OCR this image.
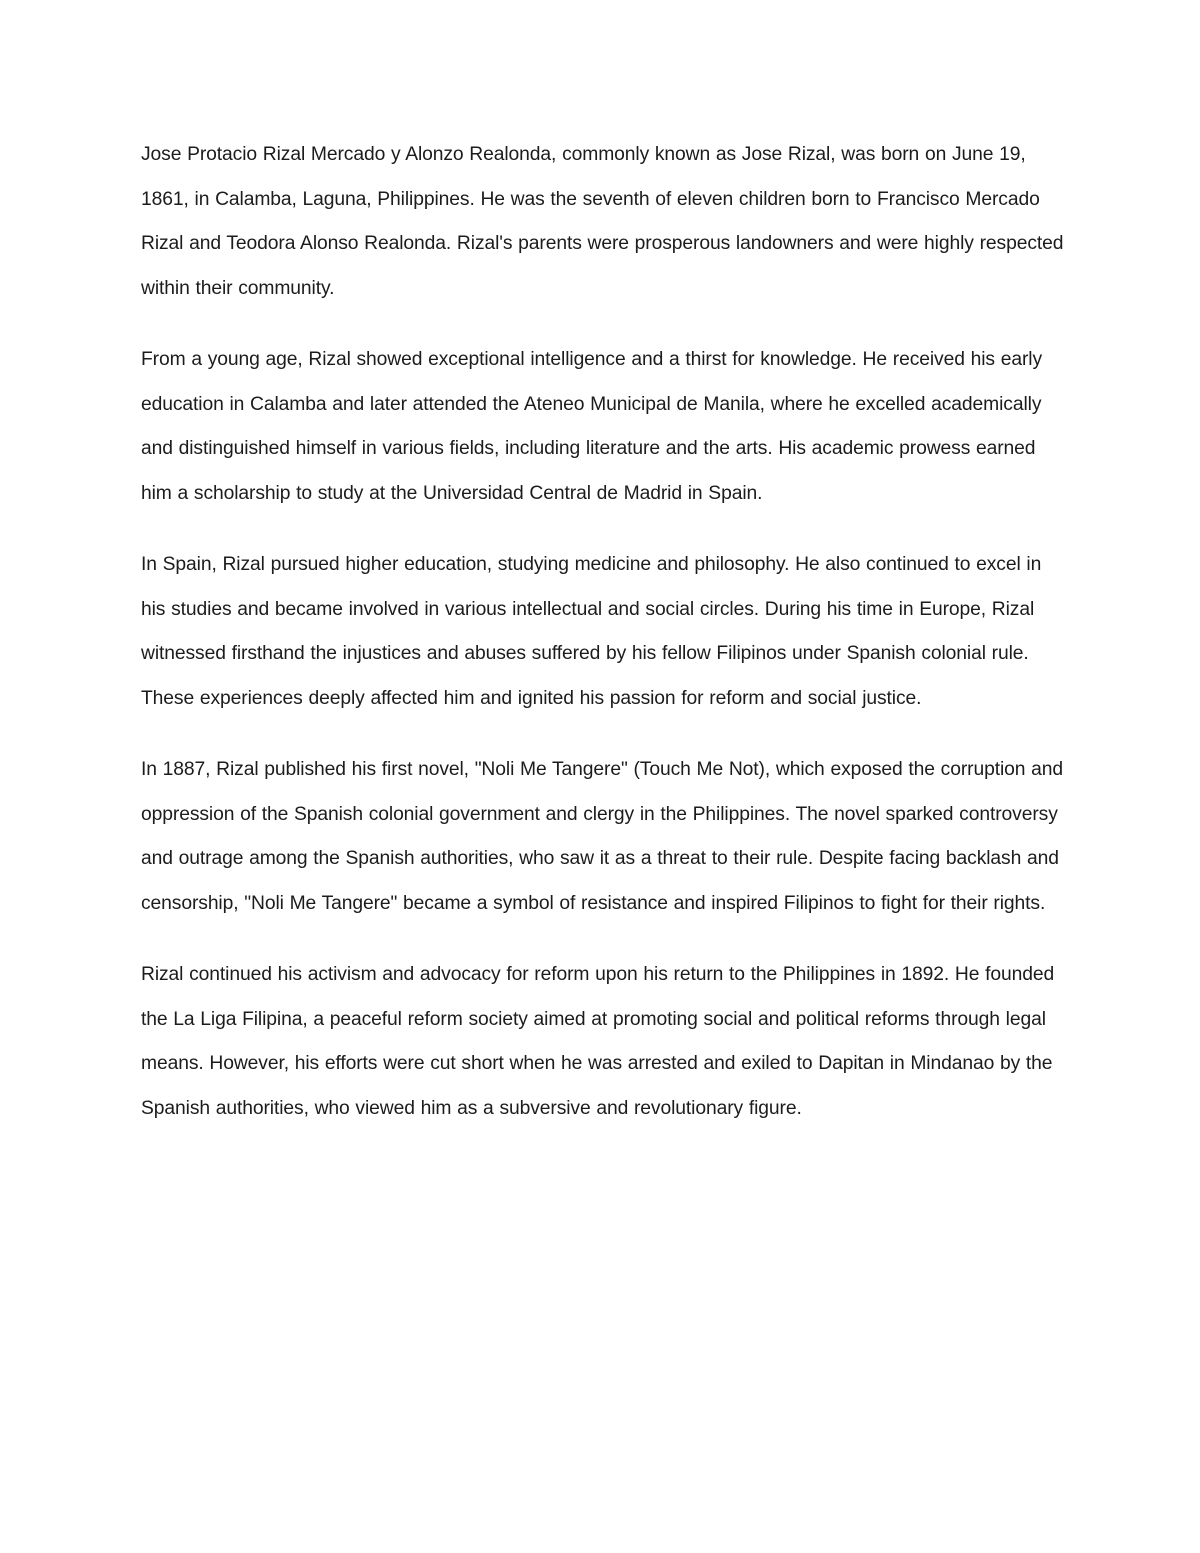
Jose Protacio Rizal Mercado y Alonzo Realonda, commonly known as Jose Rizal, was born on June 19, 1861, in Calamba, Laguna, Philippines. He was the seventh of eleven children born to Francisco Mercado Rizal and Teodora Alonso Realonda. Rizal's parents were prosperous landowners and were highly respected within their community.

From a young age, Rizal showed exceptional intelligence and a thirst for knowledge. He received his early education in Calamba and later attended the Ateneo Municipal de Manila, where he excelled academically and distinguished himself in various fields, including literature and the arts. His academic prowess earned him a scholarship to study at the Universidad Central de Madrid in Spain.

In Spain, Rizal pursued higher education, studying medicine and philosophy. He also continued to excel in his studies and became involved in various intellectual and social circles. During his time in Europe, Rizal witnessed firsthand the injustices and abuses suffered by his fellow Filipinos under Spanish colonial rule. These experiences deeply affected him and ignited his passion for reform and social justice.

In 1887, Rizal published his first novel, "Noli Me Tangere" (Touch Me Not), which exposed the corruption and oppression of the Spanish colonial government and clergy in the Philippines. The novel sparked controversy and outrage among the Spanish authorities, who saw it as a threat to their rule. Despite facing backlash and censorship, "Noli Me Tangere" became a symbol of resistance and inspired Filipinos to fight for their rights.

Rizal continued his activism and advocacy for reform upon his return to the Philippines in 1892. He founded the La Liga Filipina, a peaceful reform society aimed at promoting social and political reforms through legal means. However, his efforts were cut short when he was arrested and exiled to Dapitan in Mindanao by the Spanish authorities, who viewed him as a subversive and revolutionary figure.
